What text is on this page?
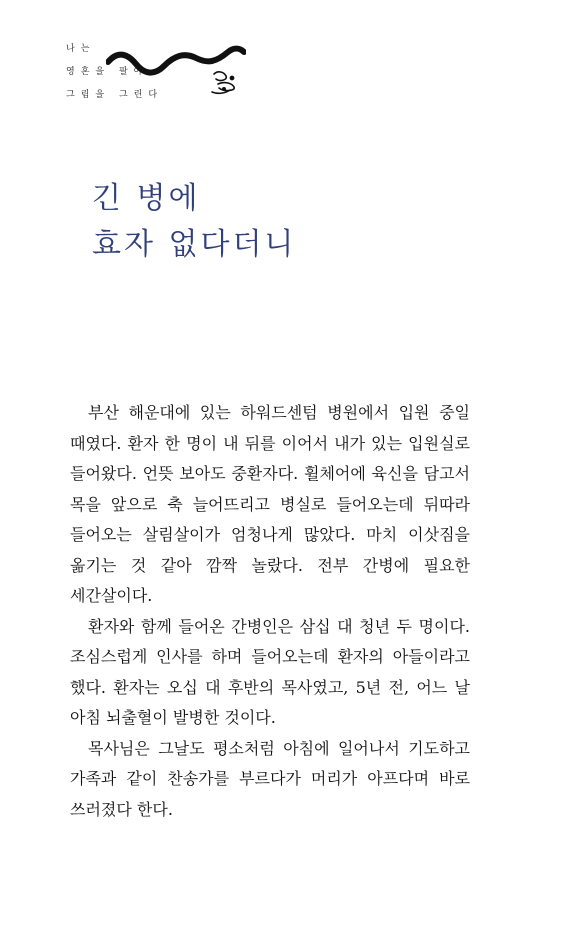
나는
영혼을 팔아
그림을 그린다
긴 병에
효자 없다더니

부산 해운대에 있는 하워드센텀 병원에서 입원 중일 때였다. 환자 한 명이 내 뒤를 이어서 내가 있는 입원실로 들어왔다. 언뜻 보아도 중환자다. 휠체어에 육신을 담고서 목을 앞으로 축 늘어뜨리고 병실로 들어오는데 뒤따라 들어오는 살림살이가 엄청나게 많았다. 마치 이삿짐을 옮기는 것 같아 깜짝 놀랐다. 전부 간병에 필요한 세간살이다.

환자와 함께 들어온 간병인은 삼십 대 청년 두 명이다. 조심스럽게 인사를 하며 들어오는데 환자의 아들이라고 했다. 환자는 오십 대 후반의 목사였고, 5년 전, 어느 날 아침 뇌출혈이 발병한 것이다.

목사님은 그날도 평소처럼 아침에 일어나서 기도하고 가족과 같이 찬송가를 부르다가 머리가 아프다며 바로 쓰러졌다 한다.
